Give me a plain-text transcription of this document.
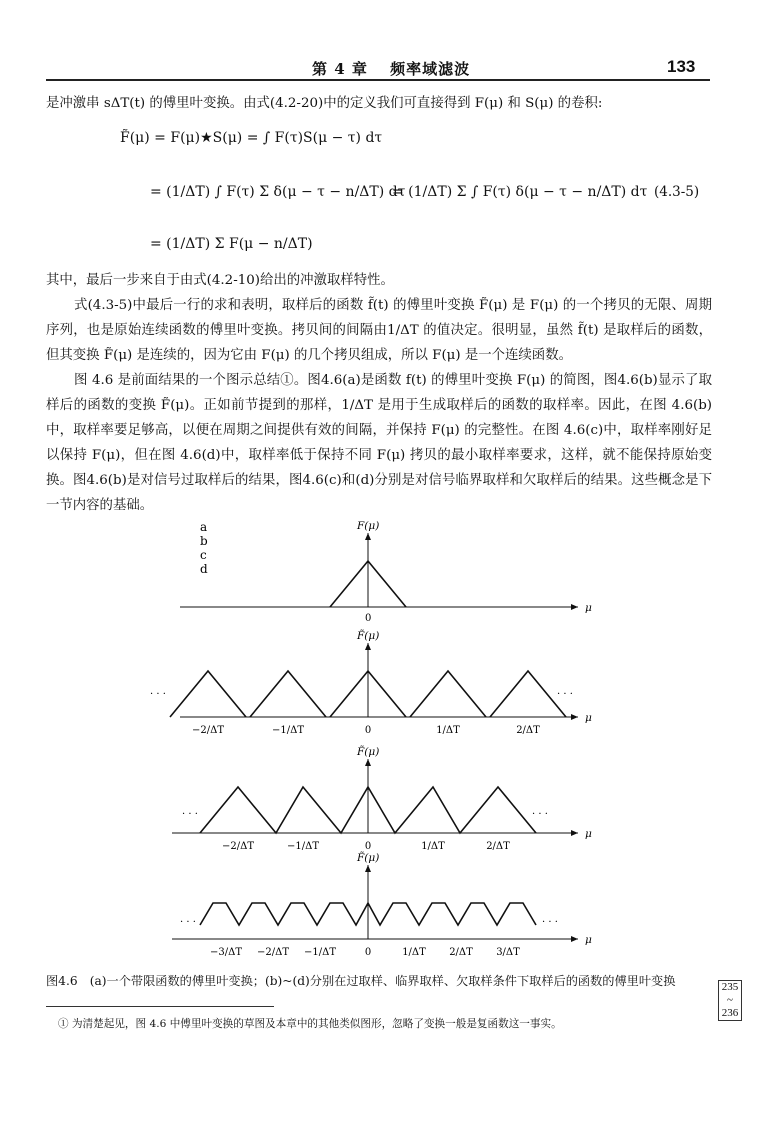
第 4 章　 频率域滤波	133
是冲激串 sΔT(t) 的傅里叶变换。由式(4.2-20)中的定义我们可直接得到 F(μ) 和 S(μ) 的卷积:
F̃(μ) = F(μ)★S(μ) = ∫ F(τ)S(μ − τ) dτ
= (1/ΔT) ∫ F(τ) Σ δ(μ − τ − n/ΔT) dτ
= (1/ΔT) Σ ∫ F(τ) δ(μ − τ − n/ΔT) dτ
= (1/ΔT) Σ F(μ − n/ΔT)
(4.3-5)

其中，最后一步来自于由式(4.2-10)给出的冲激取样特性。

式(4.3-5)中最后一行的求和表明，取样后的函数 f̃(t) 的傅里叶变换 F̃(μ) 是 F(μ) 的一个拷贝的无限、周期序列，也是原始连续函数的傅里叶变换。拷贝间的间隔由1/ΔT 的值决定。很明显，虽然 f̃(t) 是取样后的函数，但其变换 F̃(μ) 是连续的，因为它由 F(μ) 的几个拷贝组成，所以 F(μ) 是一个连续函数。

图 4.6 是前面结果的一个图示总结①。图4.6(a)是函数 f(t) 的傅里叶变换 F(μ) 的简图，图4.6(b)显示了取样后的函数的变换 F̃(μ)。正如前节提到的那样，1/ΔT 是用于生成取样后的函数的取样率。因此，在图 4.6(b)中，取样率要足够高，以便在周期之间提供有效的间隔，并保持 F(μ) 的完整性。在图 4.6(c)中，取样率刚好足以保持 F(μ)，但在图 4.6(d)中，取样率低于保持不同 F(μ) 拷贝的最小取样率要求，这样，就不能保持原始变换。图4.6(b)是对信号过取样后的结果，图4.6(c)和(d)分别是对信号临界取样和欠取样后的结果。这些概念是下一节内容的基础。

a
b
c
d
F(μ)
μ
0
F̃(μ)
μ
· · ·	· · ·
−2/ΔT	−1/ΔT	0	1/ΔT	2/ΔT
F̃(μ)
μ
· · ·	· · ·
−2/ΔT	−1/ΔT	0	1/ΔT	2/ΔT
F̃(μ)
μ
· · ·	· · ·
−3/ΔT −2/ΔT −1/ΔT	0	1/ΔT 2/ΔT 3/ΔT
图4.6　(a)一个带限函数的傅里叶变换；(b)~(d)分别在过取样、临界取样、欠取样条件下取样后的函数的傅里叶变换	235
~
236
① 为清楚起见，图 4.6 中傅里叶变换的草图及本章中的其他类似图形，忽略了变换一般是复函数这一事实。
